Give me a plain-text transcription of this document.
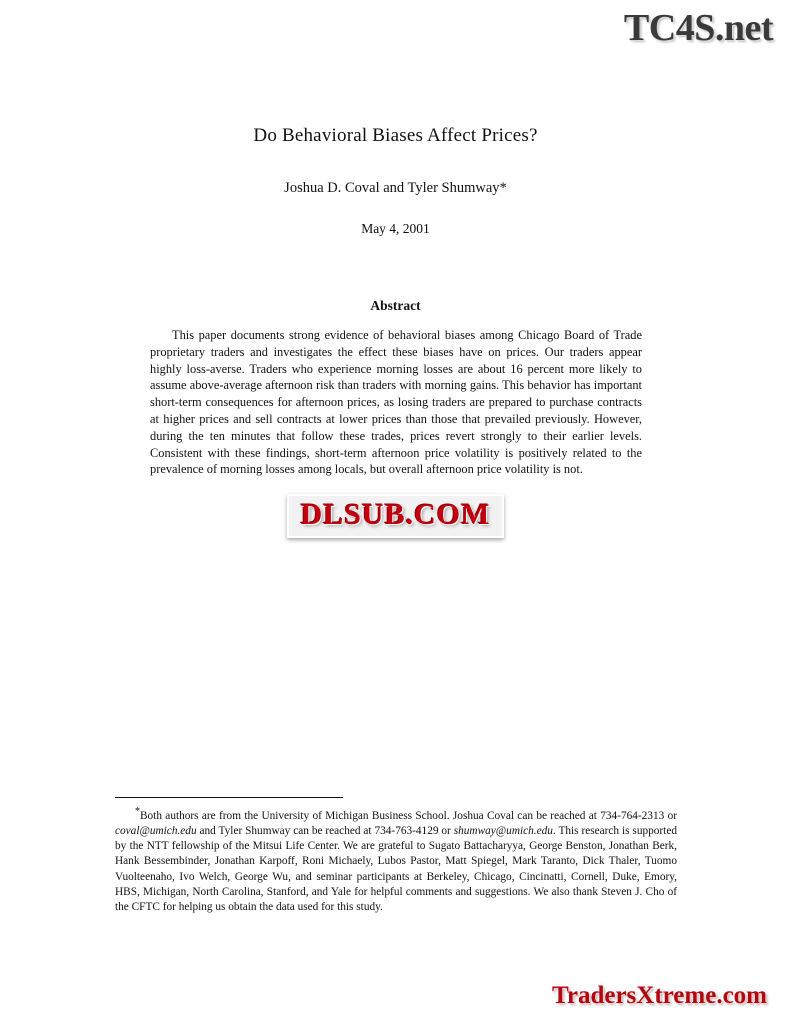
TC4S.net
Do Behavioral Biases Affect Prices?
Joshua D. Coval and Tyler Shumway*
May 4, 2001
Abstract
This paper documents strong evidence of behavioral biases among Chicago Board of Trade proprietary traders and investigates the effect these biases have on prices. Our traders appear highly loss-averse. Traders who experience morning losses are about 16 percent more likely to assume above-average afternoon risk than traders with morning gains. This behavior has important short-term consequences for afternoon prices, as losing traders are prepared to purchase contracts at higher prices and sell contracts at lower prices than those that prevailed previously. However, during the ten minutes that follow these trades, prices revert strongly to their earlier levels. Consistent with these findings, short-term afternoon price volatility is positively related to the prevalence of morning losses among locals, but overall afternoon price volatility is not.
DLSUB.COM
*Both authors are from the University of Michigan Business School. Joshua Coval can be reached at 734-764-2313 or coval@umich.edu and Tyler Shumway can be reached at 734-763-4129 or shumway@umich.edu. This research is supported by the NTT fellowship of the Mitsui Life Center. We are grateful to Sugato Battacharyya, George Benston, Jonathan Berk, Hank Bessembinder, Jonathan Karpoff, Roni Michaely, Lubos Pastor, Matt Spiegel, Mark Taranto, Dick Thaler, Tuomo Vuolteenaho, Ivo Welch, George Wu, and seminar participants at Berkeley, Chicago, Cincinatti, Cornell, Duke, Emory, HBS, Michigan, North Carolina, Stanford, and Yale for helpful comments and suggestions. We also thank Steven J. Cho of the CFTC for helping us obtain the data used for this study.
TradersXtreme.com
